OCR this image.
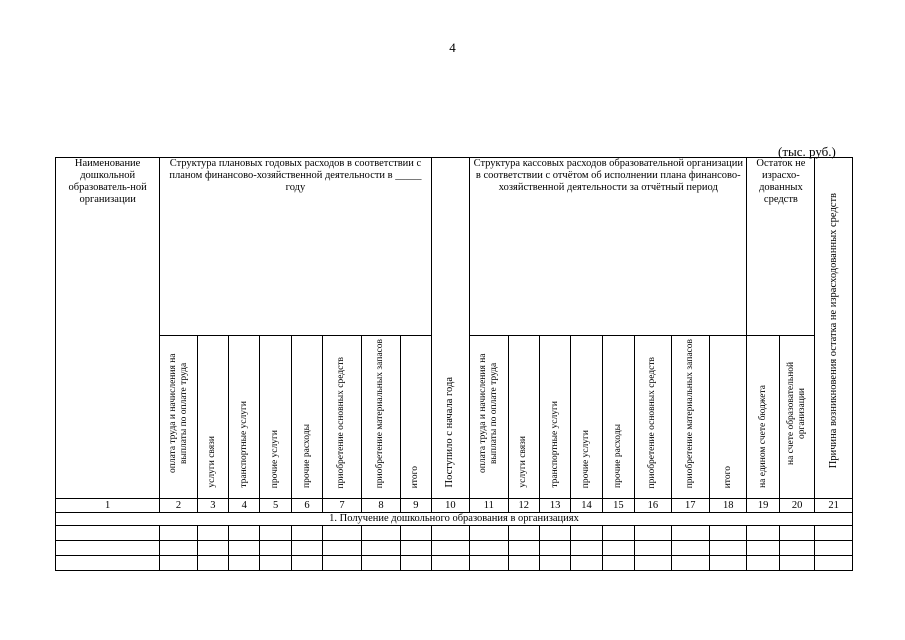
4
(тыс. руб.)
Наименование дошкольной образователь-ной организации	Структура плановых годовых расходов в соответствии с планом финансово-хозяйственной деятельности в _____ году								Поступило с начала года	Структура кассовых расходов образовательной организации в соответствии с отчётом об исполнении плана финансово-хозяйственной деятельности за отчётный период								Остаток не израсхо-дованных средств		Причина возникновения остатка не израсходованных средств
	оплата труда и начисления на выплаты по оплате труда	услуги связи	транспортные услуги	прочие услуги	прочие расходы	приобретение основных средств	приобретение материальных запасов	итого		оплата труда и начисления на выплаты по оплате труда	услуги связи	транспортные услуги	прочие услуги	прочие расходы	приобретение основных средств	приобретение материальных запасов	итого	на едином счете бюджета	на счете образовательной организации	
1	2	3	4	5	6	7	8	9	10	11	12	13	14	15	16	17	18	19	20	21
1. Получение дошкольного образования в организациях																				
